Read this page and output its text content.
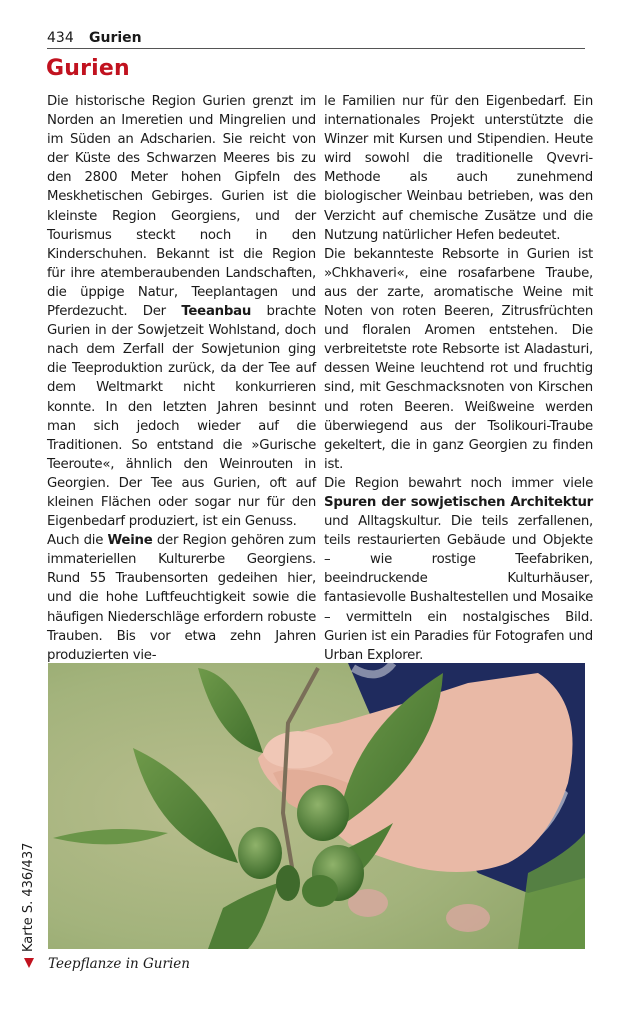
434 Gurien
Gurien

Die historische Region Gurien grenzt im Norden an Imeretien und Mingrelien und im Süden an Adscharien. Sie reicht von der Küste des Schwarzen Meeres bis zu den 2800 Meter hohen Gipfeln des Meskhetischen Gebirges. Gurien ist die kleinste Region Georgiens, und der Tourismus steckt noch in den Kinderschuhen. Bekannt ist die Region für ihre atemberaubenden Landschaften, die üppige Natur, Teeplantagen und Pferdezucht. Der Teeanbau brachte Gurien in der Sowjetzeit Wohlstand, doch nach dem Zerfall der Sowjetunion ging die Teeproduktion zurück, da der Tee auf dem Weltmarkt nicht konkurrieren konnte. In den letzten Jahren besinnt man sich jedoch wieder auf die Traditionen. So entstand die »Gurische Teeroute«, ähnlich den Weinrouten in Georgien. Der Tee aus Gurien, oft auf kleinen Flächen oder sogar nur für den Eigenbedarf produziert, ist ein Genuss.

Auch die Weine der Region gehören zum immateriellen Kulturerbe Georgiens. Rund 55 Traubensorten gedeihen hier, und die hohe Luftfeuchtigkeit sowie die häufigen Niederschläge erfordern robuste Trauben. Bis vor etwa zehn Jahren produzierten vie-

le Familien nur für den Eigenbedarf. Ein internationales Projekt unterstützte die Winzer mit Kursen und Stipendien. Heute wird sowohl die traditionelle Qvevri-Methode als auch zunehmend biologischer Weinbau betrieben, was den Verzicht auf chemische Zusätze und die Nutzung natürlicher Hefen bedeutet.

Die bekannteste Rebsorte in Gurien ist »Chkhaveri«, eine rosafarbene Traube, aus der zarte, aromatische Weine mit Noten von roten Beeren, Zitrusfrüchten und floralen Aromen entstehen. Die verbreitetste rote Rebsorte ist Aladasturi, dessen Weine leuchtend rot und fruchtig sind, mit Geschmacksnoten von Kirschen und roten Beeren. Weißweine werden überwiegend aus der Tsolikouri-Traube gekeltert, die in ganz Georgien zu finden ist.

Die Region bewahrt noch immer viele Spuren der sowjetischen Architektur und Alltagskultur. Die teils zerfallenen, teils restaurierten Gebäude und Objekte – wie rostige Teefabriken, beeindruckende Kulturhäuser, fantasievolle Bushaltestellen und Mosaike – vermitteln ein nostalgisches Bild. Gurien ist ein Paradies für Fotografen und Urban Explorer.

Teepflanze in Gurien
Karte S. 436/437
